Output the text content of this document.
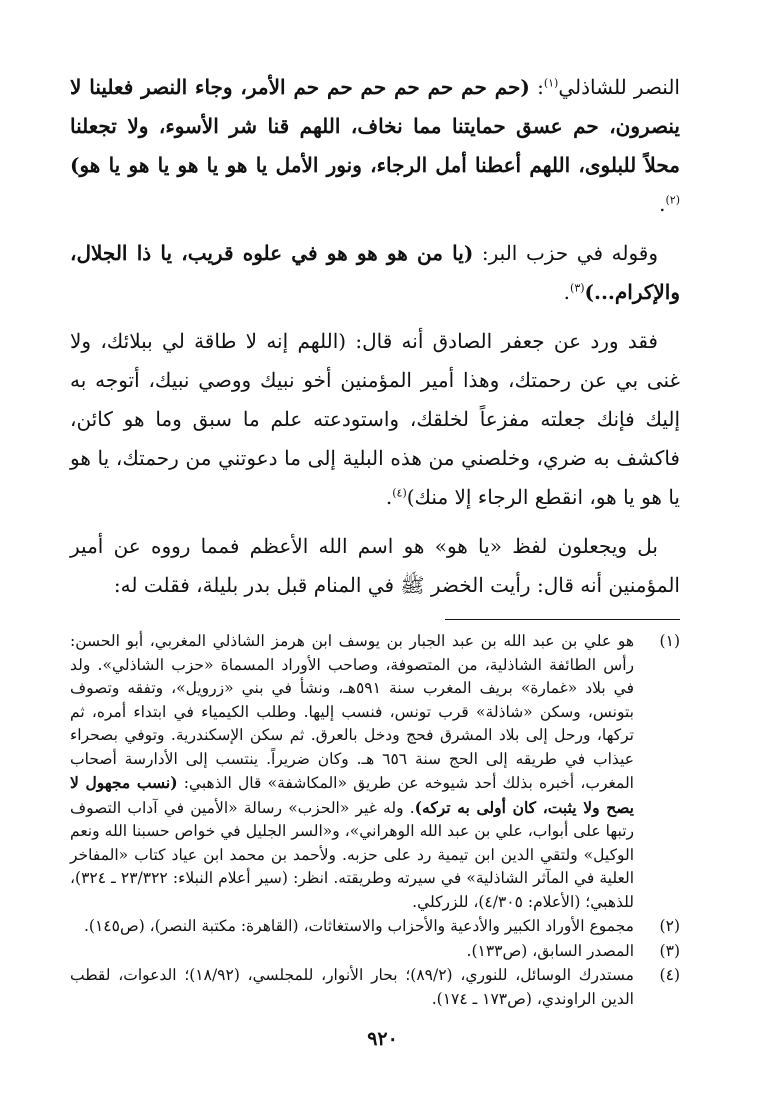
النصر للشاذلي$^{(١)}$: (حم حم حم حم حم حم حم الأمر، وجاء النصر فعلينا لا ينصرون، حم عسق حمايتنا مما نخاف، اللهم قنا شر الأسوء، ولا تجعلنا محلاً للبلوى، اللهم أعطنا أمل الرجاء، ونور الأمل يا هو يا هو يا هو يا هو)$^{(٢)}$.

وقوله في حزب البر: (يا من هو هو هو في علوه قريب، يا ذا الجلال، والإكرام...)$^{(٣)}$.

فقد ورد عن جعفر الصادق أنه قال: (اللهم إنه لا طاقة لي ببلائك، ولا غنى بي عن رحمتك، وهذا أمير المؤمنين أخو نبيك ووصي نبيك، أتوجه به إليك فإنك جعلته مفزعاً لخلقك، واستودعته علم ما سبق وما هو كائن، فاكشف به ضري، وخلصني من هذه البلية إلى ما دعوتني من رحمتك، يا هو يا هو يا هو، انقطع الرجاء إلا منك)$^{(٤)}$.

بل ويجعلون لفظ «يا هو» هو اسم الله الأعظم فمما رووه عن أمير المؤمنين أنه قال: رأيت الخضر ﷺ في المنام قبل بدر بليلة، فقلت له:

(١)
هو علي بن عبد الله بن عبد الجبار بن يوسف ابن هرمز الشاذلي المغربي، أبو الحسن: رأس الطائفة الشاذلية، من المتصوفة، وصاحب الأوراد المسماة «حزب الشاذلي». ولد في بلاد «غمارة» بريف المغرب سنة ٥٩١هـ، ونشأ في بني «زرويل»، وتفقه وتصوف بتونس، وسكن «شاذلة» قرب تونس، فنسب إليها. وطلب الكيمياء في ابتداء أمره، ثم تركها، ورحل إلى بلاد المشرق فحج ودخل بالعرق. ثم سكن الإسكندرية. وتوفي بصحراء عيذاب في طريقه إلى الحج سنة ٦٥٦ هـ. وكان ضريراً. ينتسب إلى الأدارسة أصحاب المغرب، أخبره بذلك أحد شيوخه عن طريق «المكاشفة» قال الذهبي: (نسب مجهول لا يصح ولا يثبت، كان أولى به تركه). وله غير «الحزب» رسالة «الأمين في آداب التصوف رتبها على أبواب، علي بن عبد الله الوهراني»، و«السر الجليل في خواص حسبنا الله ونعم الوكيل» ولتقي الدين ابن تيمية رد على حزبه. ولأحمد بن محمد ابن عياد كتاب «المفاخر العلية في المآثر الشاذلية» في سيرته وطريقته. انظر: (سير أعلام النبلاء: ٢٣/٣٢٢ ـ ٣٢٤)، للذهبي؛ (الأعلام: ٤/٣٠٥)، للزركلي.
(٢)
مجموع الأوراد الكبير والأدعية والأحزاب والاستغاثات، (القاهرة: مكتبة النصر)، (ص١٤٥).
(٣)
المصدر السابق، (ص١٣٣).
(٤)
مستدرك الوسائل، للنوري، (٨٩/٢)؛ بحار الأنوار، للمجلسي، (١٨/٩٢)؛ الدعوات، لقطب الدين الراوندي، (ص١٧٣ ـ ١٧٤).
٩٢٠
